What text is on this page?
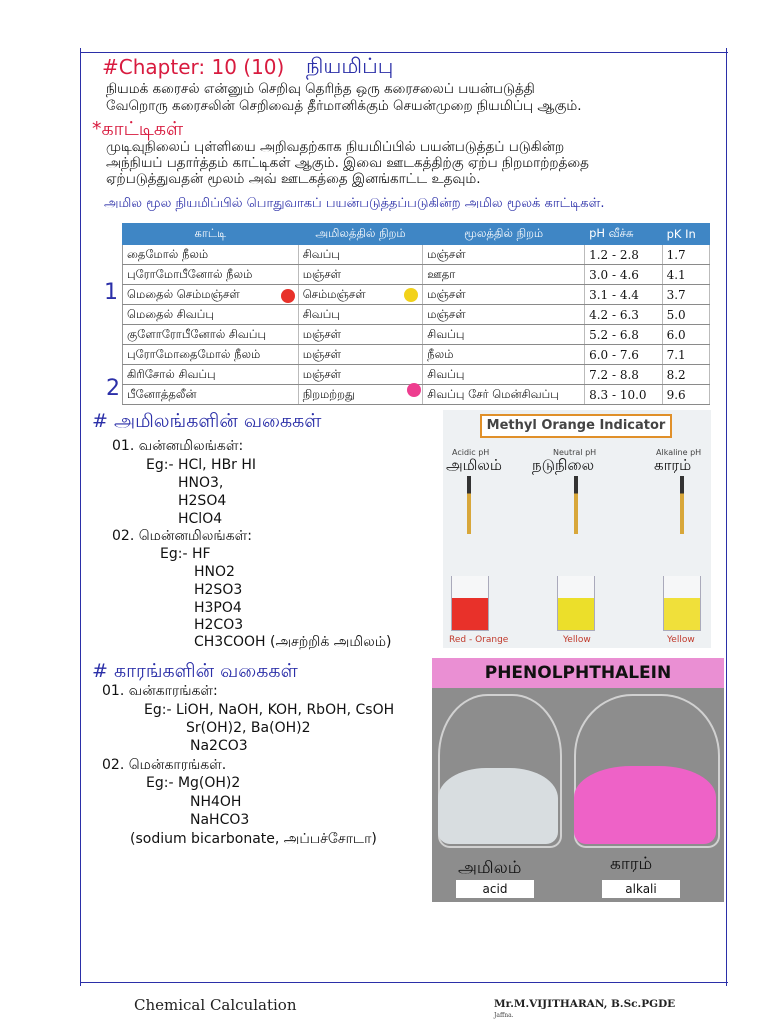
#Chapter: 10 (10) நியமிப்பு
நியமக் கரைசல் என்னும் செறிவு தெரிந்த ஒரு கரைசலைப் பயன்படுத்தி
வேறொரு கரைசலின் செறிவைத் தீர்மானிக்கும் செயன்முறை நியமிப்பு ஆகும்.
*காட்டிகள்
முடிவுநிலைப் புள்ளியை அறிவதற்காக நியமிப்பில் பயன்படுத்தப் படுகின்ற
அந்நியப் பதார்த்தம் காட்டிகள் ஆகும். இவை ஊடகத்திற்கு ஏற்ப நிறமாற்றத்தை
ஏற்படுத்துவதன் மூலம் அவ் ஊடகத்தை இனங்காட்ட உதவும்.
அமில மூல நியமிப்பில் பொதுவாகப் பயன்படுத்தப்படுகின்ற அமில மூலக் காட்டிகள்.
காட்டி	அமிலத்தில் நிறம்	மூலத்தில் நிறம்	pH வீச்சு	pK In
தைமோல் நீலம்	சிவப்பு	மஞ்சள்	1.2 - 2.8	1.7
புரோமோபீனோல் நீலம்	மஞ்சள்	ஊதா	3.0 - 4.6	4.1
மெதைல் செம்மஞ்சள்	செம்மஞ்சள்	மஞ்சள்	3.1 - 4.4	3.7
மெதைல் சிவப்பு	சிவப்பு	மஞ்சள்	4.2 - 6.3	5.0
குளோரோபீனோல் சிவப்பு	மஞ்சள்	சிவப்பு	5.2 - 6.8	6.0
புரோமோதைமோல் நீலம்	மஞ்சள்	நீலம்	6.0 - 7.6	7.1
கிரிசோல் சிவப்பு	மஞ்சள்	சிவப்பு	7.2 - 8.8	8.2
பீனோத்தலீன்	நிறமற்றது	சிவப்பு சேர் மென்சிவப்பு	8.3 - 10.0	9.6
1
2
# அமிலங்களின் வகைகள்
01. வன்னமிலங்கள்:
Eg:- HCl, HBr HI
HNO3,
H2SO4
HClO4
02. மென்னமிலங்கள்:
Eg:- HF
HNO2
H2SO3
H3PO4
H2CO3
CH3COOH (அசற்றிக் அமிலம்)
Methyl Orange Indicator
Acidic pH	Neutral pH	Alkaline pH
அமிலம் நடுநிலை	காரம்
Red - Orange	Yellow	Yellow
# காரங்களின் வகைகள்
01. வன்காரங்கள்:
Eg:- LiOH, NaOH, KOH, RbOH, CsOH
Sr(OH)2, Ba(OH)2
Na2CO3
02. மென்காரங்கள்.
Eg:- Mg(OH)2
NH4OH
NaHCO3
(sodium bicarbonate, அப்பச்சோடா)
PHENOLPHTHALEIN
அமிலம்	காரம்
acid	alkali
Chemical Calculation	Mr.M.VIJITHARAN, B.Sc.PGDE
Jaffna.
